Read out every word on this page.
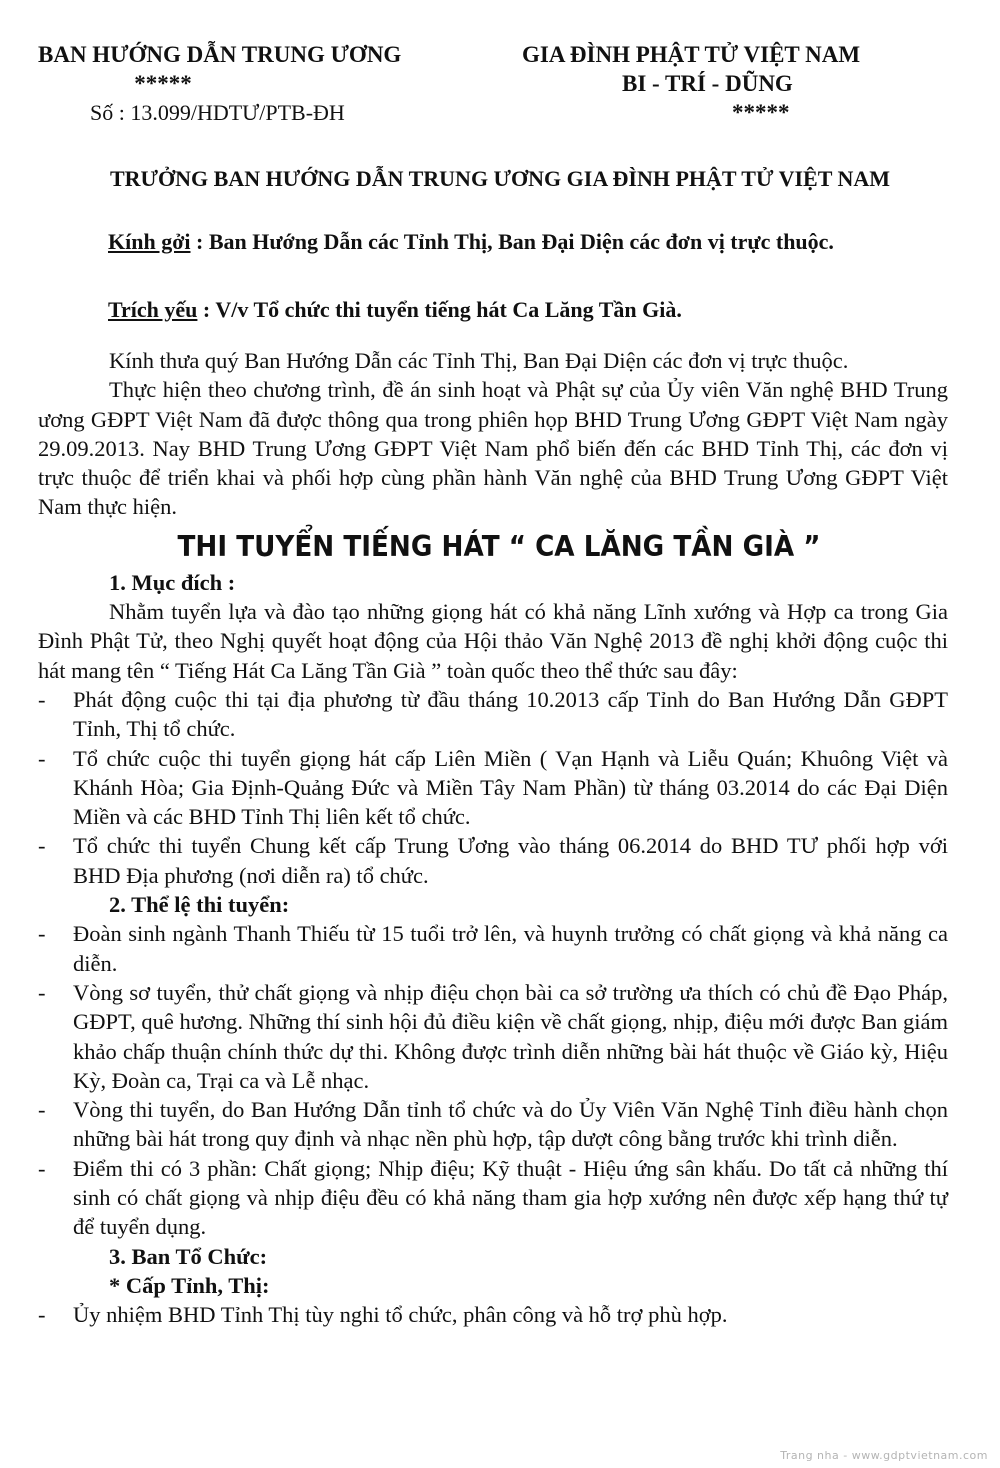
BAN HƯỚNG DẪN TRUNG ƯƠNG
*****
Số : 13.099/HDTƯ/PTB-ĐH
GIA ĐÌNH PHẬT TỬ VIỆT NAM
BI - TRÍ - DŨNG
*****
TRƯỞNG BAN HƯỚNG DẪN TRUNG ƯƠNG GIA ĐÌNH PHẬT TỬ VIỆT NAM
Kính gởi : Ban Hướng Dẫn các Tỉnh Thị, Ban Đại Diện các đơn vị trực thuộc.
Trích yếu : V/v Tổ chức thi tuyển tiếng hát Ca Lăng Tần Già.

Kính thưa quý Ban Hướng Dẫn các Tỉnh Thị, Ban Đại Diện các đơn vị trực thuộc.

Thực hiện theo chương trình, đề án sinh hoạt và Phật sự của Ủy viên Văn nghệ BHD Trung ương GĐPT Việt Nam đã được thông qua trong phiên họp BHD Trung Ương GĐPT Việt Nam ngày 29.09.2013. Nay BHD Trung Ương GĐPT Việt Nam phổ biến đến các BHD Tỉnh Thị, các đơn vị trực thuộc để triển khai và phối hợp cùng phần hành Văn nghệ của BHD Trung Ương GĐPT Việt Nam thực hiện.

THI TUYỂN TIẾNG HÁT “ CA LĂNG TẦN GIÀ ”

1. Mục đích :

Nhằm tuyển lựa và đào tạo những giọng hát có khả năng Lĩnh xướng và Hợp ca trong Gia Đình Phật Tử, theo Nghị quyết hoạt động của Hội thảo Văn Nghệ 2013 đề nghị khởi động cuộc thi hát mang tên “ Tiếng Hát Ca Lăng Tần Già ” toàn quốc theo thể thức sau đây:

-	Phát động cuộc thi tại địa phương từ đầu tháng 10.2013 cấp Tỉnh do Ban Hướng Dẫn GĐPT Tỉnh, Thị tổ chức.
-	Tổ chức cuộc thi tuyển giọng hát cấp Liên Miền ( Vạn Hạnh và Liễu Quán; Khuông Việt và Khánh Hòa; Gia Định-Quảng Đức và Miền Tây Nam Phần) từ tháng 03.2014 do các Đại Diện Miền và các BHD Tỉnh Thị liên kết tổ chức.
-	Tổ chức thi tuyển Chung kết cấp Trung Ương vào tháng 06.2014 do BHD TƯ phối hợp với BHD Địa phương (nơi diễn ra) tổ chức.

2. Thể lệ thi tuyển:

-	Đoàn sinh ngành Thanh Thiếu từ 15 tuổi trở lên, và huynh trưởng có chất giọng và khả năng ca diễn.
-	Vòng sơ tuyển, thử chất giọng và nhịp điệu chọn bài ca sở trường ưa thích có chủ đề Đạo Pháp, GĐPT, quê hương. Những thí sinh hội đủ điều kiện về chất giọng, nhịp, điệu mới được Ban giám khảo chấp thuận chính thức dự thi. Không được trình diễn những bài hát thuộc về Giáo kỳ, Hiệu Kỳ, Đoàn ca, Trại ca và Lễ nhạc.
-	Vòng thi tuyển, do Ban Hướng Dẫn tỉnh tổ chức và do Ủy Viên Văn Nghệ Tỉnh điều hành chọn những bài hát trong quy định và nhạc nền phù hợp, tập dượt công bằng trước khi trình diễn.
-	Điểm thi có 3 phần: Chất giọng; Nhịp điệu; Kỹ thuật - Hiệu ứng sân khấu. Do tất cả những thí sinh có chất giọng và nhịp điệu đều có khả năng tham gia hợp xướng nên được xếp hạng thứ tự để tuyển dụng.

3. Ban Tổ Chức:

* Cấp Tỉnh, Thị:

-	Ủy nhiệm BHD Tỉnh Thị tùy nghi tổ chức, phân công và hỗ trợ phù hợp.
Trang nha - www.gdptvietnam.com
